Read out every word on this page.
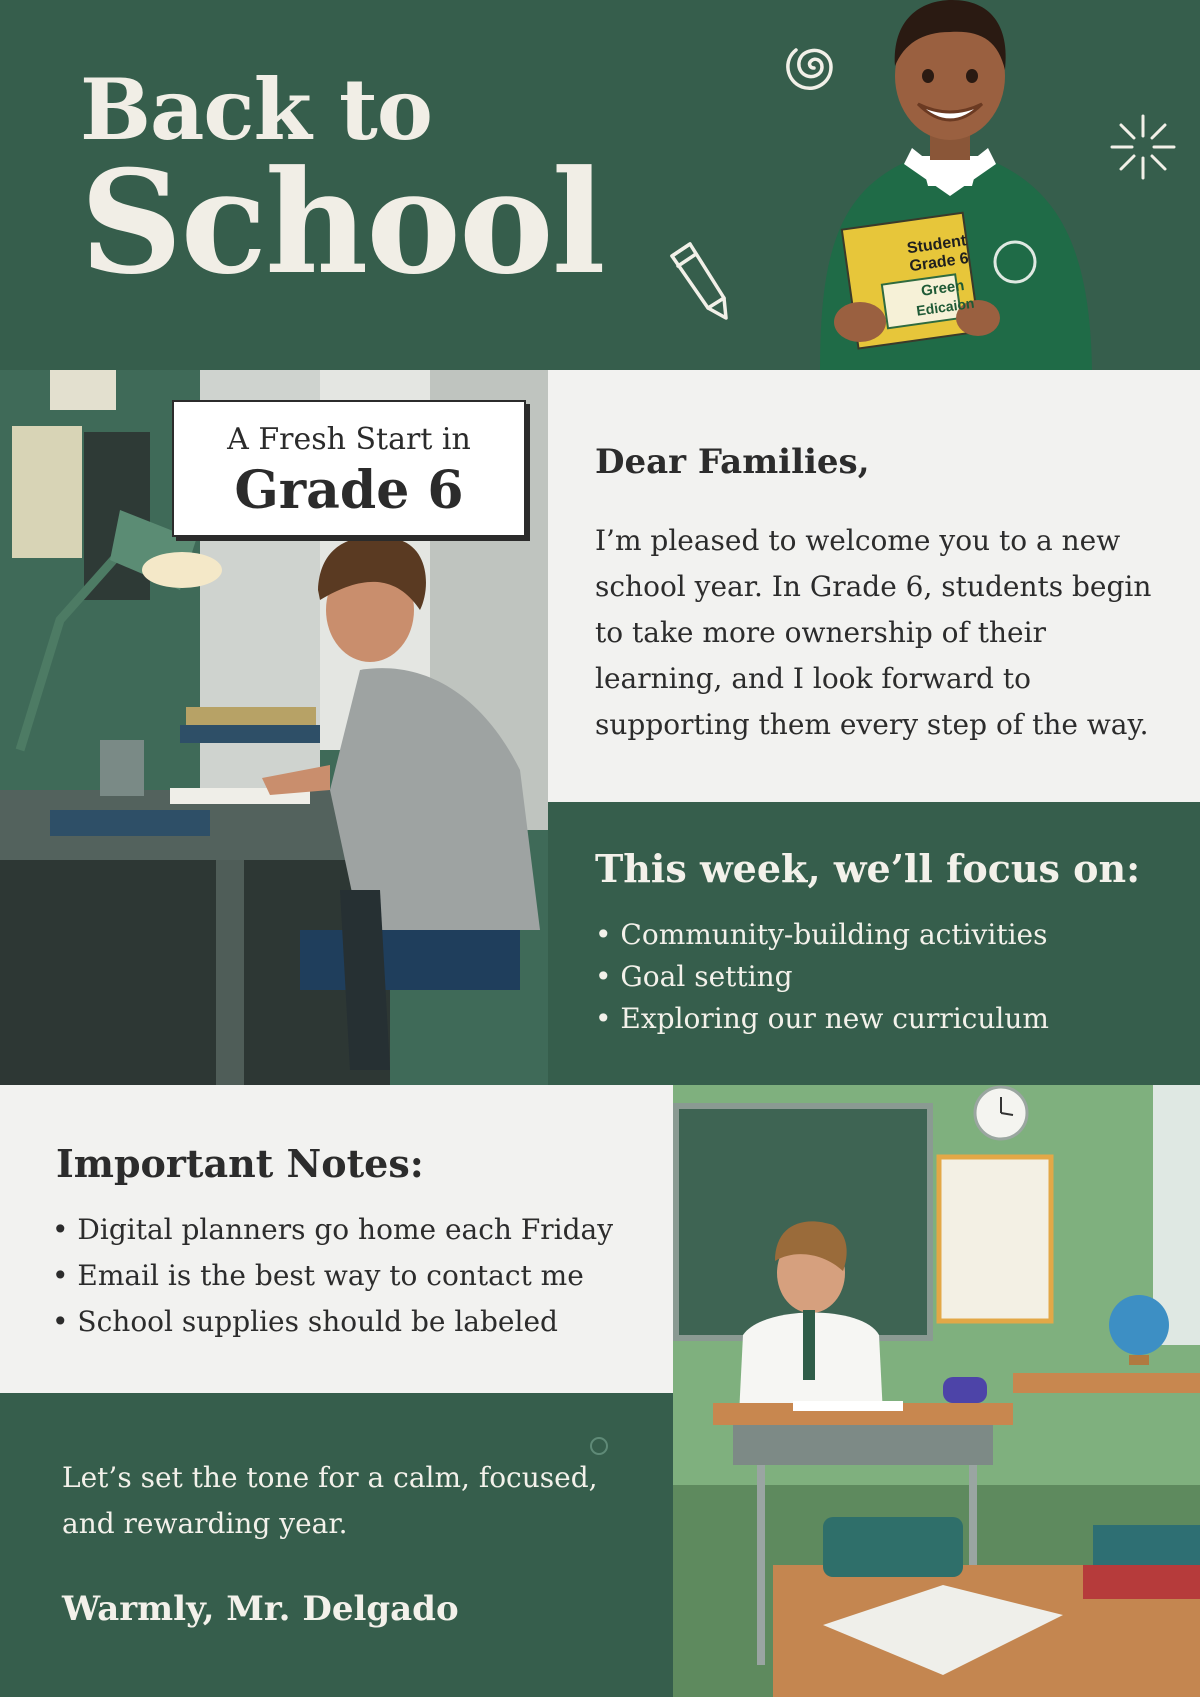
Back to
School	Student
Grade 6
Green
Edicaion
A Fresh Start in
Grade 6	Dear Families,
I’m pleased to welcome you to a new school year. In Grade 6, students begin to take more ownership of their learning, and I look forward to supporting them every step of the way.
This week, we’ll focus on:
• Community-building activities
• Goal setting
• Exploring our new curriculum
Important Notes:
• Digital planners go home each Friday
• Email is the best way to contact me
• School supplies should be labeled
Let’s set the tone for a calm, focused, and rewarding year.
Warmly, Mr. Delgado
